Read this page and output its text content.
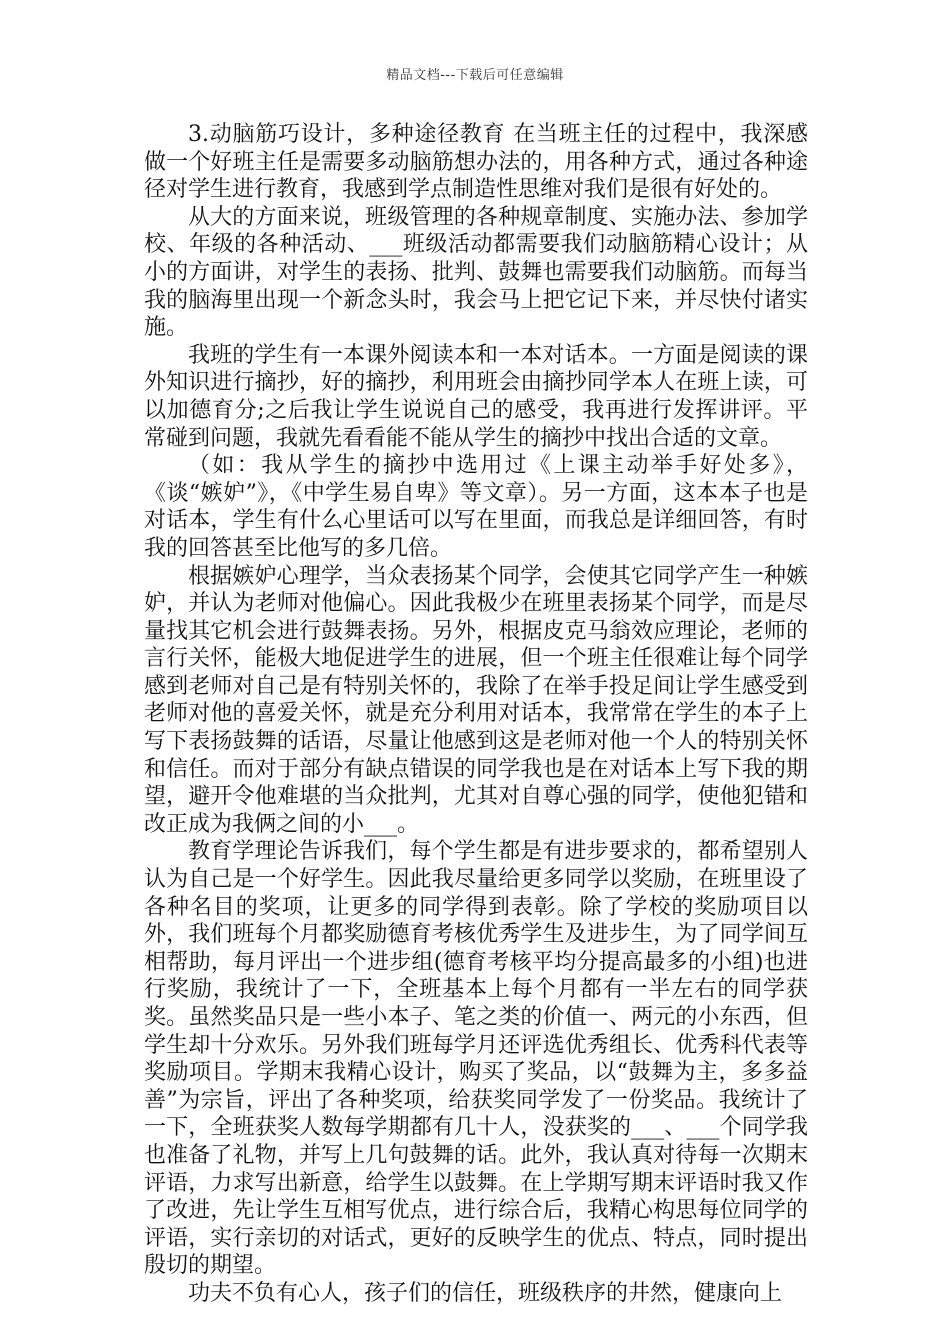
精品文档---下载后可任意编辑

3.动脑筋巧设计，多种途径教育 在当班主任的过程中，我深感做一个好班主任是需要多动脑筋想办法的，用各种方式，通过各种途径对学生进行教育，我感到学点制造性思维对我们是很有好处的。

从大的方面来说，班级管理的各种规章制度、实施办法、参加学校、年级的各种活动、___班级活动都需要我们动脑筋精心设计；从小的方面讲，对学生的表扬、批判、鼓舞也需要我们动脑筋。而每当我的脑海里出现一个新念头时，我会马上把它记下来，并尽快付诸实施。

我班的学生有一本课外阅读本和一本对话本。一方面是阅读的课外知识进行摘抄，好的摘抄，利用班会由摘抄同学本人在班上读，可以加德育分;之后我让学生说说自己的感受，我再进行发挥讲评。平常碰到问题，我就先看看能不能从学生的摘抄中找出合适的文章。

（如：我从学生的摘抄中选用过《上课主动举手好处多》，《谈“嫉妒”》，《中学生易自卑》等文章）。另一方面，这本本子也是对话本，学生有什么心里话可以写在里面，而我总是详细回答，有时我的回答甚至比他写的多几倍。

根据嫉妒心理学，当众表扬某个同学，会使其它同学产生一种嫉妒，并认为老师对他偏心。因此我极少在班里表扬某个同学，而是尽量找其它机会进行鼓舞表扬。另外，根据皮克马翁效应理论，老师的言行关怀，能极大地促进学生的进展，但一个班主任很难让每个同学感到老师对自己是有特别关怀的，我除了在举手投足间让学生感受到老师对他的喜爱关怀，就是充分利用对话本，我常常在学生的本子上写下表扬鼓舞的话语，尽量让他感到这是老师对他一个人的特别关怀和信任。而对于部分有缺点错误的同学我也是在对话本上写下我的期望，避开令他难堪的当众批判，尤其对自尊心强的同学，使他犯错和改正成为我俩之间的小___。

教育学理论告诉我们，每个学生都是有进步要求的，都希望别人认为自己是一个好学生。因此我尽量给更多同学以奖励，在班里设了各种名目的奖项，让更多的同学得到表彰。除了学校的奖励项目以外，我们班每个月都奖励德育考核优秀学生及进步生，为了同学间互相帮助，每月评出一个进步组(德育考核平均分提高最多的小组)也进行奖励，我统计了一下，全班基本上每个月都有一半左右的同学获奖。虽然奖品只是一些小本子、笔之类的价值一、两元的小东西，但学生却十分欢乐。另外我们班每学月还评选优秀组长、优秀科代表等奖励项目。学期末我精心设计，购买了奖品，以“鼓舞为主，多多益善”为宗旨，评出了各种奖项，给获奖同学发了一份奖品。我统计了一下，全班获奖人数每学期都有几十人，没获奖的___、___个同学我也准备了礼物，并写上几句鼓舞的话。此外，我认真对待每一次期末评语，力求写出新意，给学生以鼓舞。在上学期写期末评语时我又作了改进，先让学生互相写优点，进行综合后，我精心构思每位同学的评语，实行亲切的对话式，更好的反映学生的优点、特点，同时提出殷切的期望。

功夫不负有心人，孩子们的信任，班级秩序的井然，健康向上
